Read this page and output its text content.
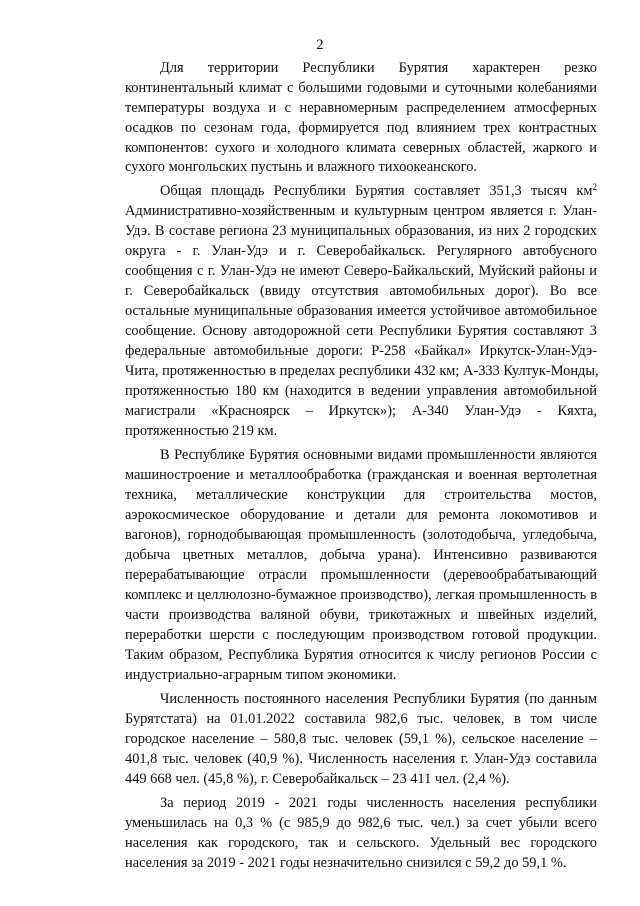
2
Для территории Республики Бурятия характерен резко
континентальный климат с большими годовыми и суточными колебаниями
температуры воздуха и с неравномерным распределением атмосферных
осадков по сезонам года, формируется под влиянием трех контрастных
компонентов: сухого и холодного климата северных областей, жаркого и
сухого монгольских пустынь и влажного тихоокеанского.
Общая площадь Республики Бурятия составляет 351,3 тысяч $км^2$
Административно-хозяйственным и культурным центром является г. Улан-
Удэ. В составе региона 23 муниципальных образования, из них 2 городских
округа - г. Улан-Удэ и г. Северобайкальск. Регулярного автобусного
сообщения с г. Улан-Удэ не имеют Северо-Байкальский, Муйский районы и
г. Северобайкальск (ввиду отсутствия автомобильных дорог). Во все
остальные муниципальные образования имеется устойчивое автомобильное
сообщение. Основу автодорожной сети Республики Бурятия составляют 3
федеральные автомобильные дороги: Р-258 «Байкал» Иркутск-Улан-Удэ-
Чита, протяженностью в пределах республики 432 км; А-333 Култук-Монды,
протяженностью 180 км (находится в ведении управления автомобильной
магистрали «Красноярск – Иркутск»); А-340 Улан-Удэ - Кяхта,
протяженностью 219 км.
В Республике Бурятия основными видами промышленности являются
машиностроение и металлообработка (гражданская и военная вертолетная
техника, металлические конструкции для строительства мостов,
аэрокосмическое оборудование и детали для ремонта локомотивов и
вагонов), горнодобывающая промышленность (золотодобыча, угледобыча,
добыча цветных металлов, добыча урана). Интенсивно развиваются
перерабатывающие отрасли промышленности (деревообрабатывающий
комплекс и целлюлозно-бумажное производство), легкая промышленность в
части производства валяной обуви, трикотажных и швейных изделий,
переработки шерсти с последующим производством готовой продукции.
Таким образом, Республика Бурятия относится к числу регионов России с
индустриально-аграрным типом экономики.
Численность постоянного населения Республики Бурятия (по данным
Бурятстата) на 01.01.2022 составила 982,6 тыс. человек, в том числе
городское население – 580,8 тыс. человек (59,1 %), сельское население –
401,8 тыс. человек (40,9 %). Численность населения г. Улан-Удэ составила
449 668 чел. (45,8 %), г. Северобайкальск – 23 411 чел. (2,4 %).
За период 2019 - 2021 годы численность населения республики
уменьшилась на 0,3 % (с 985,9 до 982,6 тыс. чел.) за счет убыли всего
населения как городского, так и сельского. Удельный вес городского
населения за 2019 - 2021 годы незначительно снизился с 59,2 до 59,1 %.
